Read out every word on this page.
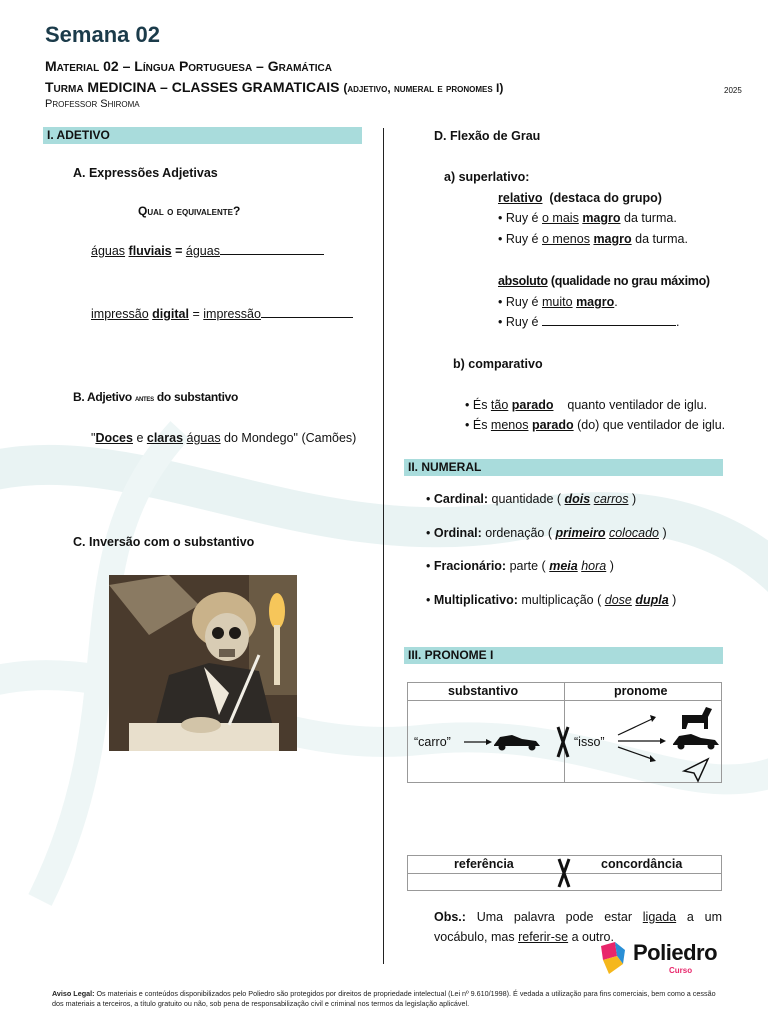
Semana 02
Material 02 – Língua Portuguesa – Gramática
Turma MEDICINA – CLASSES GRAMATICAIS (adjetivo, numeral e pronomes I)
Professor Shiroma
2025
I. ADETIVO
A. Expressões Adjetivas
Qual o equivalente?
águas fluviais = águas
impressão digital = impressão
B. Adjetivo antes do substantivo
"Doces e claras águas do Mondego" (Camões)
C. Inversão com o substantivo
D. Flexão de Grau
a) superlativo:
relativo (destaca do grupo)
• Ruy é o mais magro da turma.
• Ruy é o menos magro da turma.
absoluto (qualidade no grau máximo)
• Ruy é muito magro.
• Ruy é	.
b) comparativo
• És tão parado quanto ventilador de iglu.
• És menos parado (do) que ventilador de iglu.
II. NUMERAL
• Cardinal: quantidade ( dois carros )
• Ordinal: ordenação ( primeiro colocado )
• Fracionário: parte ( meia hora )
• Multiplicativo: multiplicação ( dose dupla )
III. PRONOME I
substantivo	pronome
“carro”	“isso”
referência	concordância
Obs.: Uma palavra pode estar ligada a um vocábulo, mas referir-se a outro.
Poliedro
Curso
Aviso Legal: Os materiais e conteúdos disponibilizados pelo Poliedro são protegidos por direitos de propriedade intelectual (Lei nº 9.610/1998). É vedada a utilização para fins comerciais, bem como a cessão dos materiais a terceiros, a título gratuito ou não, sob pena de responsabilização civil e criminal nos termos da legislação aplicável.
